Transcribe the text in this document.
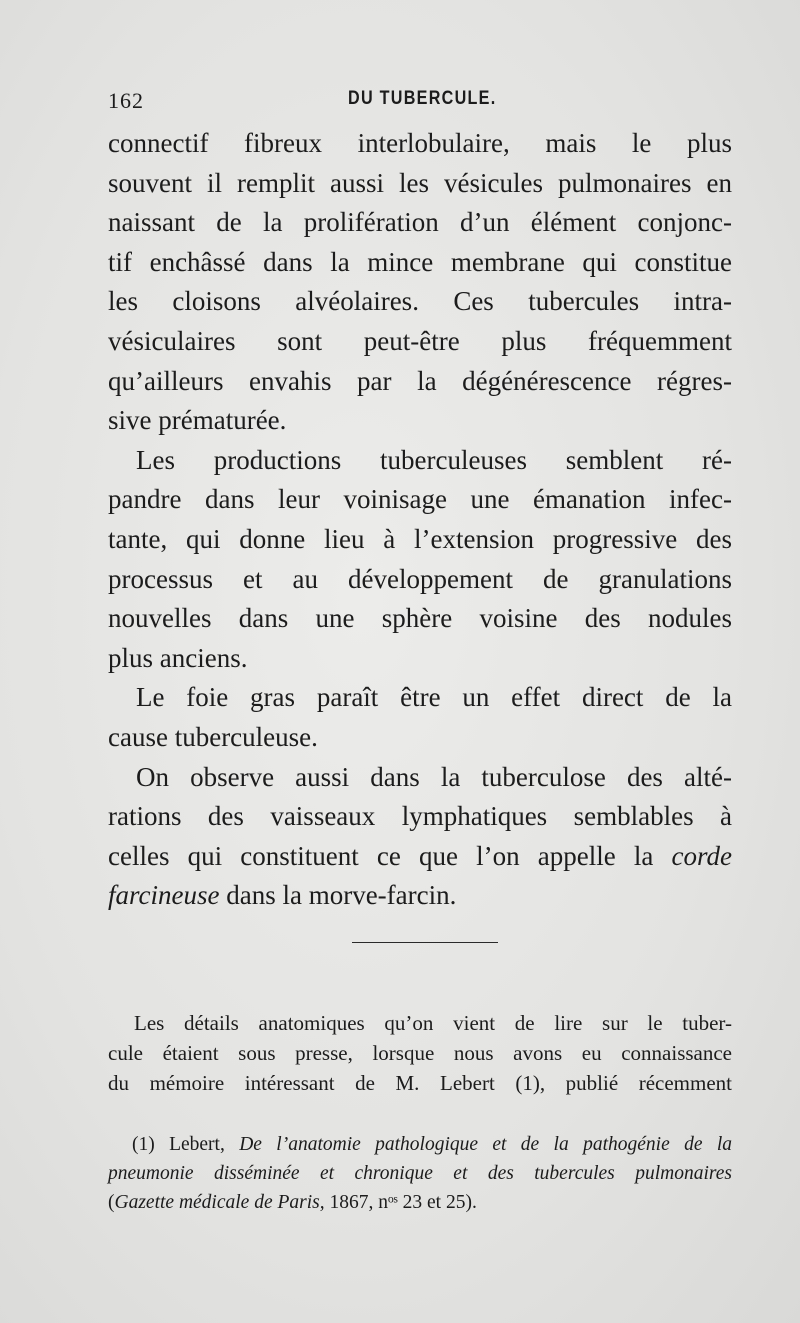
162	DU TUBERCULE.
connectif fibreux interlobulaire, mais le plus
souvent il remplit aussi les vésicules pulmonaires en
naissant de la prolifération d’un élément conjonc-
tif enchâssé dans la mince membrane qui constitue
les cloisons alvéolaires. Ces tubercules intra-
vésiculaires sont peut-être plus fréquemment
qu’ailleurs envahis par la dégénérescence régres-
sive prématurée.
Les productions tuberculeuses semblent ré-
pandre dans leur voinisage une émanation infec-
tante, qui donne lieu à l’extension progressive des
processus et au développement de granulations
nouvelles dans une sphère voisine des nodules
plus anciens.
Le foie gras paraît être un effet direct de la
cause tuberculeuse.
On observe aussi dans la tuberculose des alté-
rations des vaisseaux lymphatiques semblables à
celles qui constituent ce que l’on appelle la corde
farcineuse dans la morve-farcin.
Les détails anatomiques qu’on vient de lire sur le tuber-
cule étaient sous presse, lorsque nous avons eu connaissance
du mémoire intéressant de M. Lebert (1), publié récemment
(1) Lebert, De l’anatomie pathologique et de la pathogénie de la
pneumonie disséminée et chronique et des tubercules pulmonaires
(Gazette médicale de Paris, 1867, nᵒˢ 23 et 25).
